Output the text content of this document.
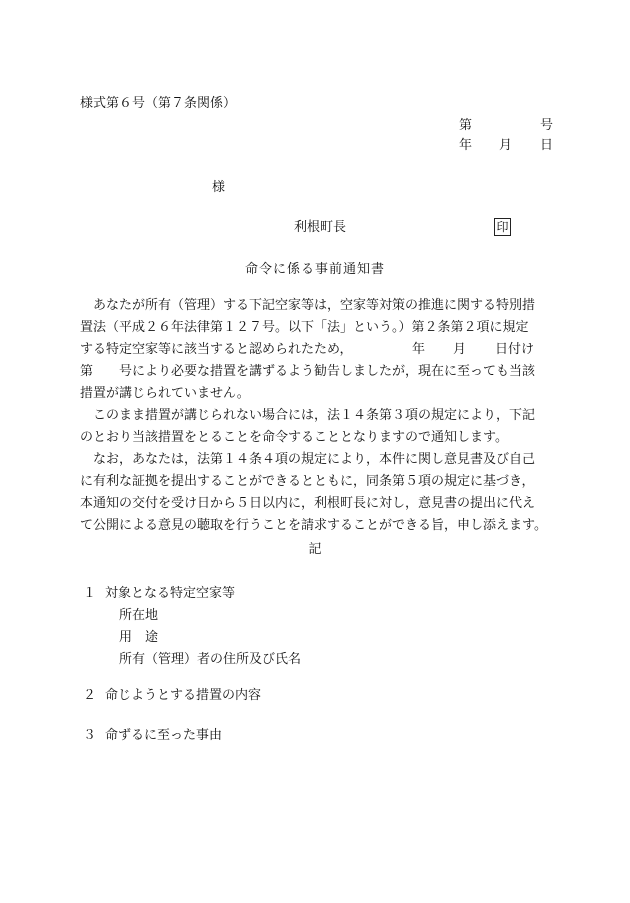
様式第６号（第７条関係）
第	号
年 月 日
様
利根町長	印
命令に係る事前通知書
あなたが所有（管理）する下記空家等は，空家等対策の推進に関する特別措
置法（平成２６年法律第１２７号。以下「法」という。）第２条第２項に規定
する特定空家等に該当すると認められたため，	年 月 日付け
第 号により必要な措置を講ずるよう勧告しましたが，現在に至っても当該
措置が講じられていません。
このまま措置が講じられない場合には，法１４条第３項の規定により，下記
のとおり当該措置をとることを命令することとなりますので通知します。
なお，あなたは，法第１４条４項の規定により，本件に関し意見書及び自己
に有利な証拠を提出することができるとともに，同条第５項の規定に基づき，
本通知の交付を受け日から５日以内に，利根町長に対し，意見書の提出に代え
て公開による意見の聴取を行うことを請求することができる旨，申し添えます。
記
１ 対象となる特定空家等
所在地
用途
所有（管理）者の住所及び氏名
２ 命じようとする措置の内容
３ 命ずるに至った事由
